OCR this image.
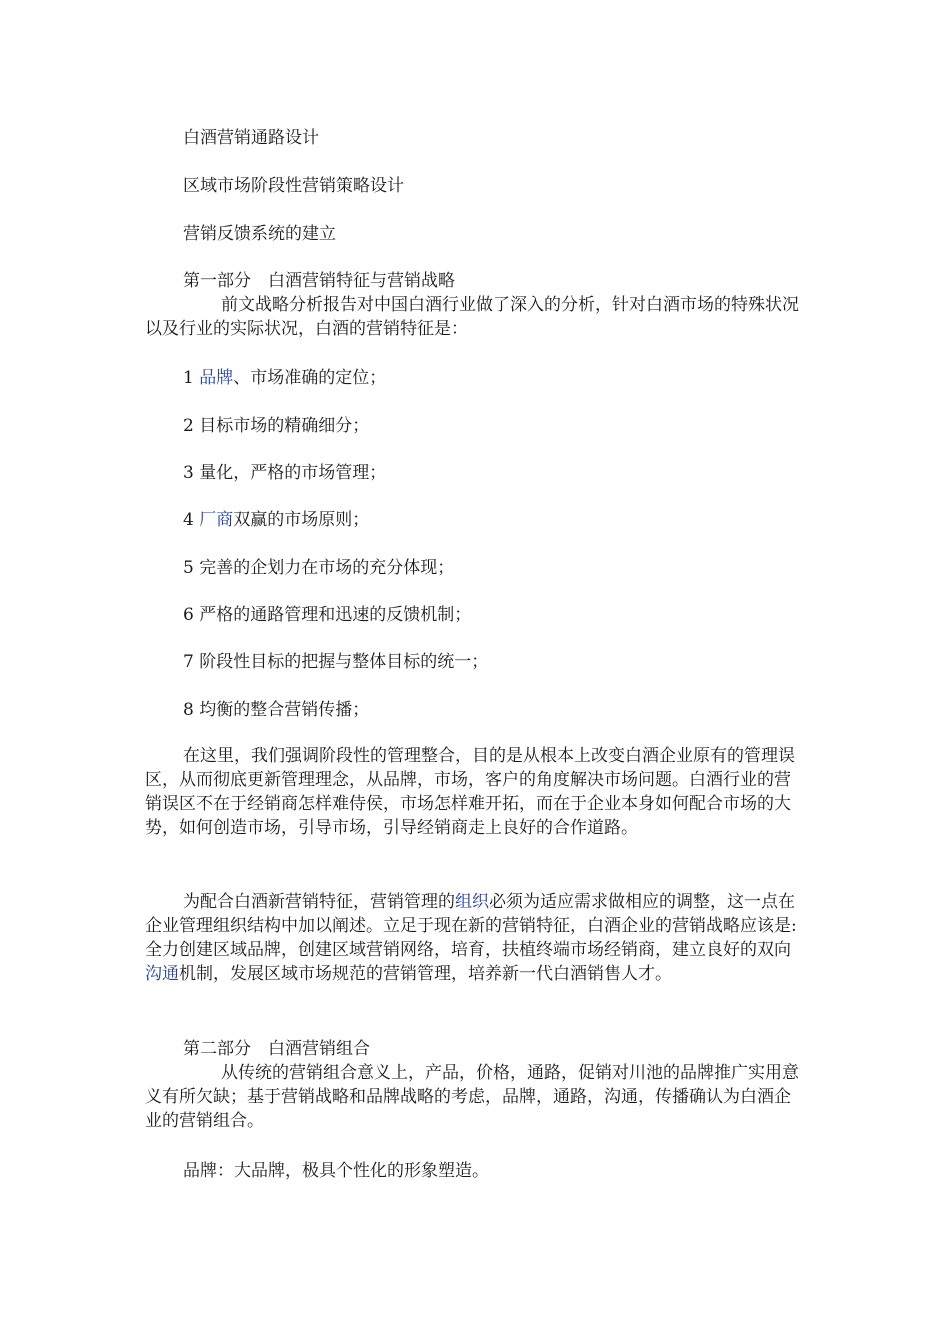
白酒营销通路设计

区域市场阶段性营销策略设计

营销反馈系统的建立

第一部分　白酒营销特征与营销战略

前文战略分析报告对中国白酒行业做了深入的分析，针对白酒市场的特殊状况以及行业的实际状况，白酒的营销特征是：

1 品牌、市场准确的定位；

2 目标市场的精确细分；

3 量化，严格的市场管理；

4 厂商双赢的市场原则；

5 完善的企划力在市场的充分体现；

6 严格的通路管理和迅速的反馈机制；

7 阶段性目标的把握与整体目标的统一；

8 均衡的整合营销传播；

在这里，我们强调阶段性的管理整合，目的是从根本上改变白酒企业原有的管理误区，从而彻底更新管理理念，从品牌，市场，客户的角度解决市场问题。白酒行业的营销误区不在于经销商怎样难侍侯，市场怎样难开拓，而在于企业本身如何配合市场的大势，如何创造市场，引导市场，引导经销商走上良好的合作道路。

为配合白酒新营销特征，营销管理的组织必须为适应需求做相应的调整，这一点在企业管理组织结构中加以阐述。立足于现在新的营销特征，白酒企业的营销战略应该是:全力创建区域品牌，创建区域营销网络，培育，扶植终端市场经销商，建立良好的双向沟通机制，发展区域市场规范的营销管理，培养新一代白酒销售人才。

第二部分　白酒营销组合

从传统的营销组合意义上，产品，价格，通路，促销对川池的品牌推广实用意义有所欠缺；基于营销战略和品牌战略的考虑，品牌，通路，沟通，传播确认为白酒企业的营销组合。

品牌：大品牌，极具个性化的形象塑造。
